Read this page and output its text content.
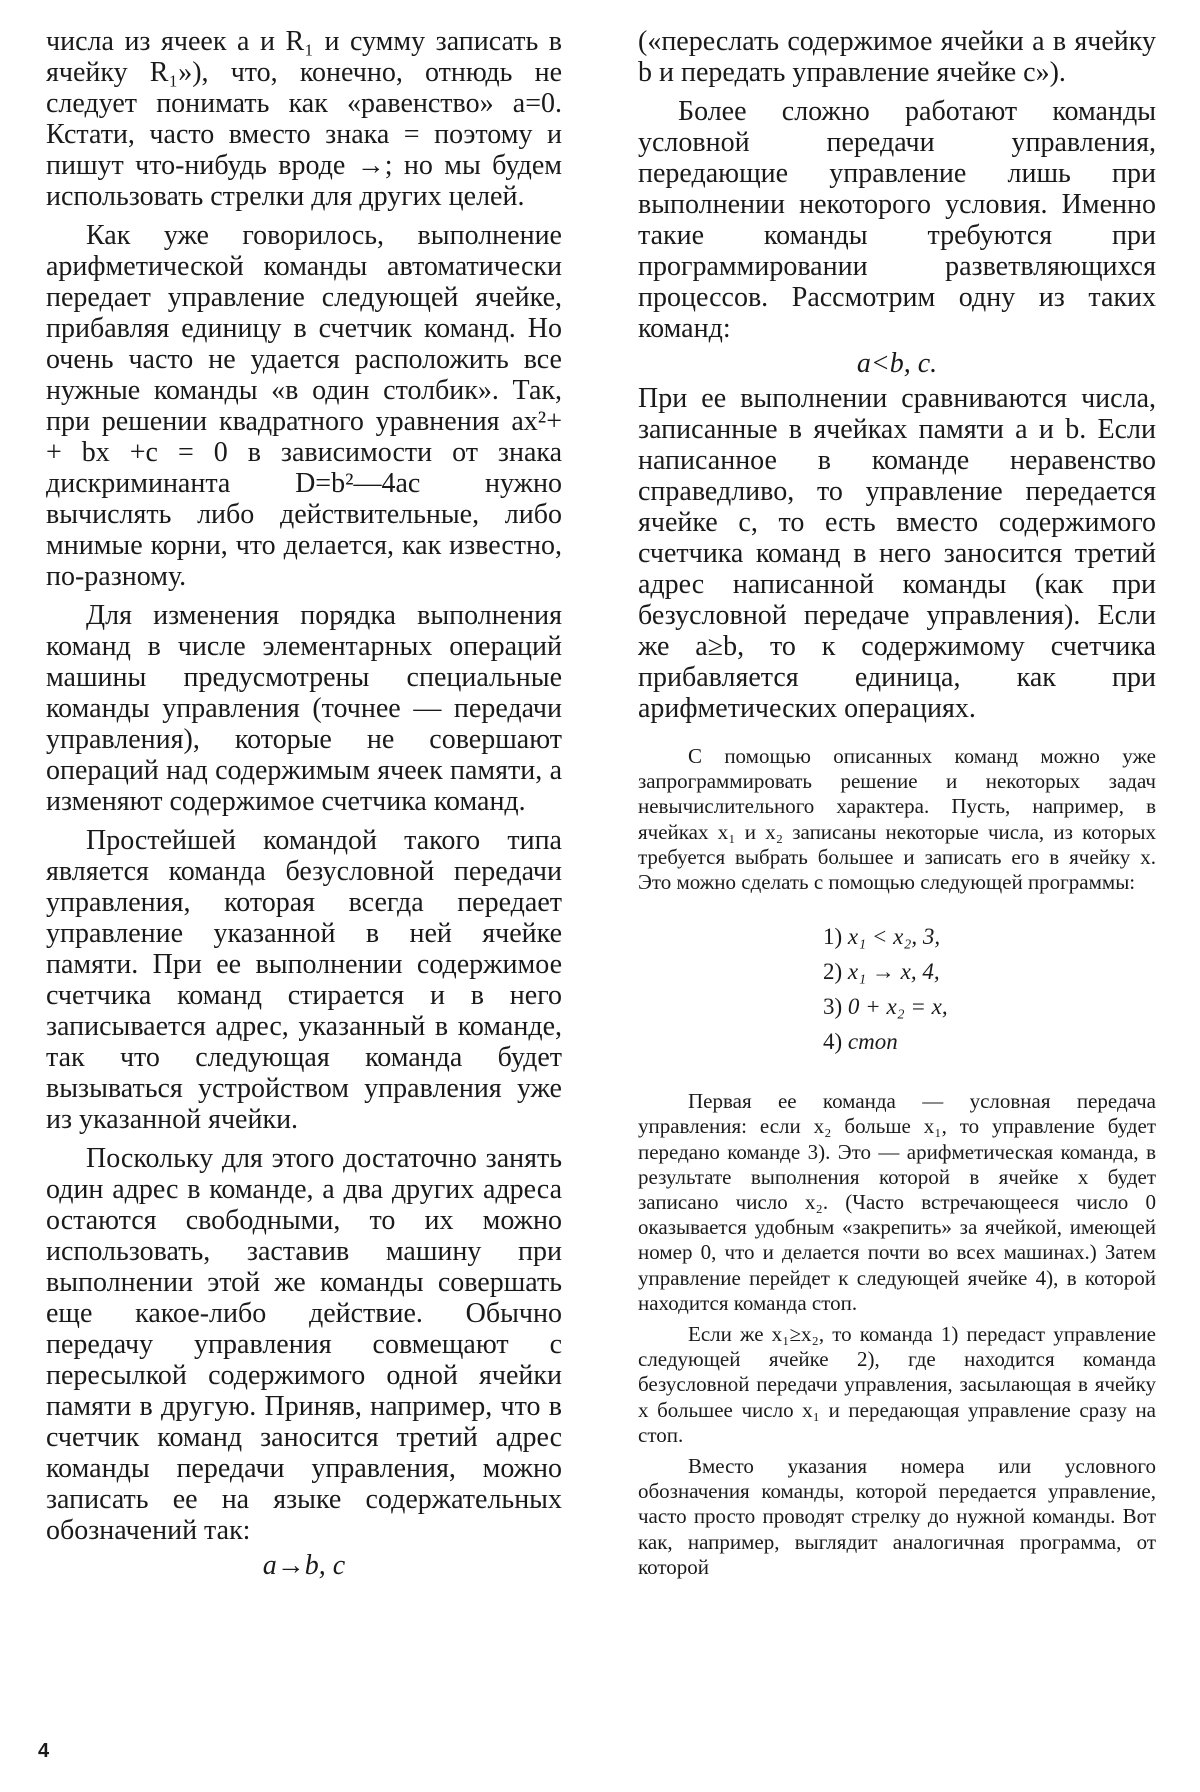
числа из ячеек a и R₁ и сумму записать в ячейку R₁»), что, конечно, отнюдь не следует понимать как «равенство» a=0. Кстати, часто вместо знака = поэтому и пишут что-нибудь вроде →; но мы будем использовать стрелки для других целей.

Как уже говорилось, выполнение арифметической команды автоматически передает управление следующей ячейке, прибавляя единицу в счетчик команд. Но очень часто не удается расположить все нужные команды «в один столбик». Так, при решении квадратного уравнения ax²+ + bx +c = 0 в зависимости от знака дискриминанта D=b²—4ac нужно вычислять либо действительные, либо мнимые корни, что делается, как известно, по-разному.

Для изменения порядка выполнения команд в числе элементарных операций машины предусмотрены специальные команды управления (точнее — передачи управления), которые не совершают операций над содержимым ячеек памяти, а изменяют содержимое счетчика команд.

Простейшей командой такого типа является команда безусловной передачи управления, которая всегда передает управление указанной в ней ячейке памяти. При ее выполнении содержимое счетчика команд стирается и в него записывается адрес, указанный в команде, так что следующая команда будет вызываться устройством управления уже из указанной ячейки.

Поскольку для этого достаточно занять один адрес в команде, а два других адреса остаются свободными, то их можно использовать, заставив машину при выполнении этой же команды совершать еще какое-либо действие. Обычно передачу управления совмещают с пересылкой содержимого одной ячейки памяти в другую. Приняв, например, что в счетчик команд заносится третий адрес команды передачи управления, можно записать ее на языке содержательных обозначений так:

a→b, c

(«переслать содержимое ячейки a в ячейку b и передать управление ячейке c»).

Более сложно работают команды условной передачи управления, передающие управление лишь при выполнении некоторого условия. Именно такие команды требуются при программировании разветвляющихся процессов. Рассмотрим одну из таких команд:

a<b, c.

При ее выполнении сравниваются числа, записанные в ячейках памяти a и b. Если написанное в команде неравенство справедливо, то управление передается ячейке c, то есть вместо содержимого счетчика команд в него заносится третий адрес написанной команды (как при безусловной передаче управления). Если же a≥b, то к содержимому счетчика прибавляется единица, как при арифметических операциях.

С помощью описанных команд можно уже запрограммировать решение и некоторых задач невычислительного характера. Пусть, например, в ячейках x₁ и x₂ записаны некоторые числа, из которых требуется выбрать большее и записать его в ячейку x. Это можно сделать с помощью следующей программы:

1) x₁ < x₂, 3,
2) x₁ → x, 4,
3) 0 + x₂ = x,
4) стоп

Первая ее команда — условная передача управления: если x₂ больше x₁, то управление будет передано команде 3). Это — арифметическая команда, в результате выполнения которой в ячейке x будет записано число x₂. (Часто встречающееся число 0 оказывается удобным «закрепить» за ячейкой, имеющей номер 0, что и делается почти во всех машинах.) Затем управление перейдет к следующей ячейке 4), в которой находится команда стоп.

Если же x₁≥x₂, то команда 1) передаст управление следующей ячейке 2), где находится команда безусловной передачи управления, засылающая в ячейку x большее число x₁ и передающая управление сразу на стоп.

Вместо указания номера или условного обозначения команды, которой передается управление, часто просто проводят стрелку до нужной команды. Вот как, например, выглядит аналогичная программа, от которой

4
